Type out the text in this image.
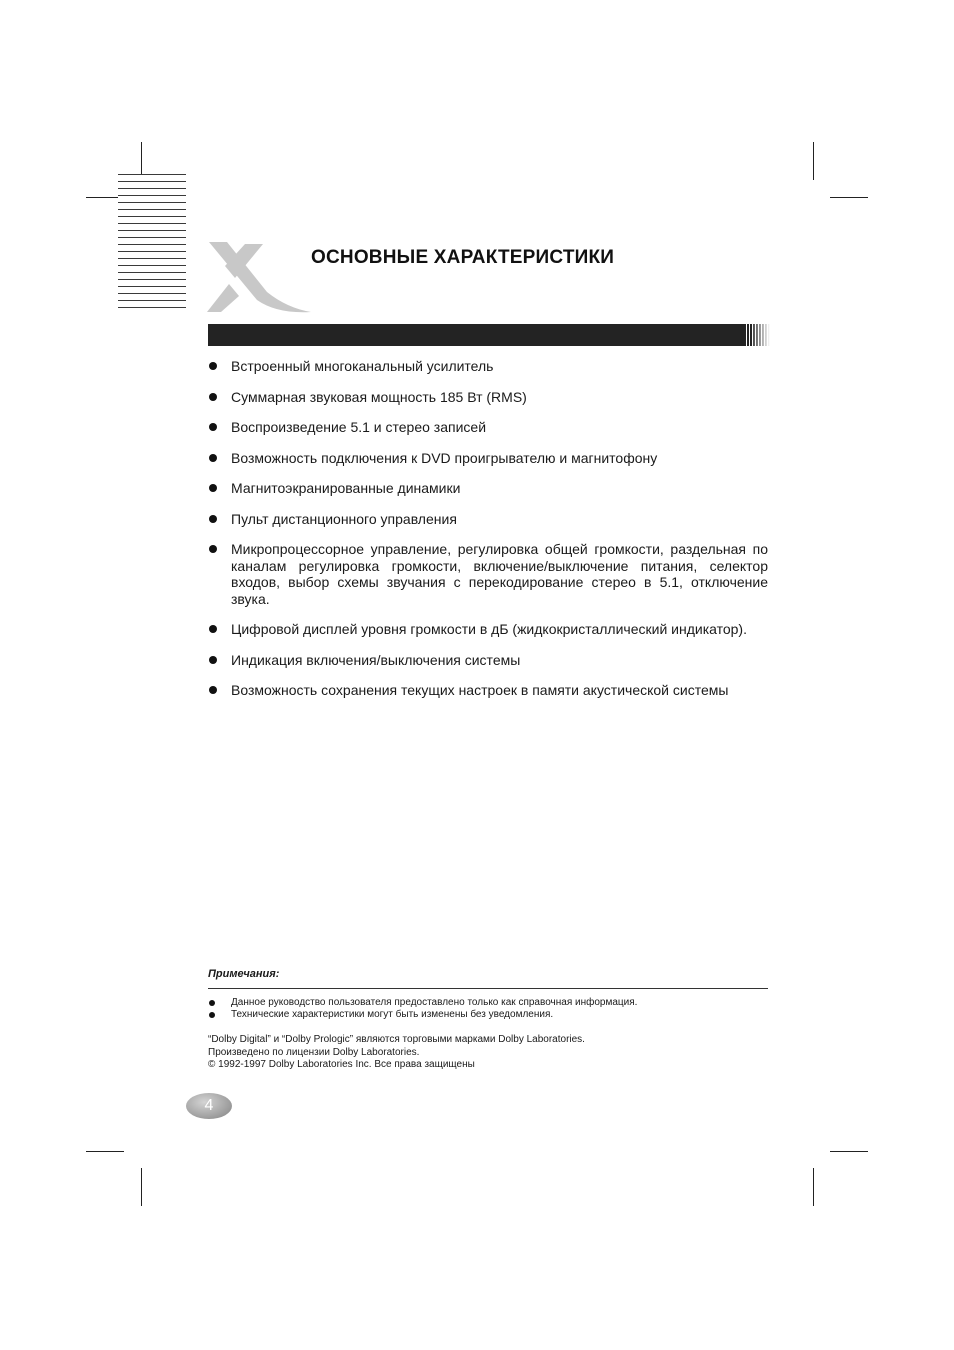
ОСНОВНЫЕ ХАРАКТЕРИСТИКИ
Встроенный многоканальный усилитель
Суммарная звуковая мощность 185 Вт (RMS)
Воспроизведение 5.1 и стерео записей
Возможность подключения к DVD проигрывателю и магнитофону
Магнитоэкранированные динамики
Пульт дистанционного управления
Микропроцессорное управление, регулировка общей громкости, раздельная по каналам регулировка громкости, включение/выключение питания, селектор входов, выбор схемы звучания с перекодирование стерео в 5.1, отключение звука.
Цифровой дисплей уровня громкости в дБ (жидкокристаллический индикатор).
Индикация включения/выключения системы
Возможность сохранения текущих настроек в памяти акустической системы
Примечания:
Данное руководство пользователя предоставлено только как справочная информация.
Технические характеристики могут быть изменены без уведомления.
“Dolby Digital” и “Dolby Prologic” являются торговыми марками Dolby Laboratories.
Произведено по лицензии Dolby Laboratories.
© 1992-1997 Dolby Laboratories Inc. Все права защищены
4
